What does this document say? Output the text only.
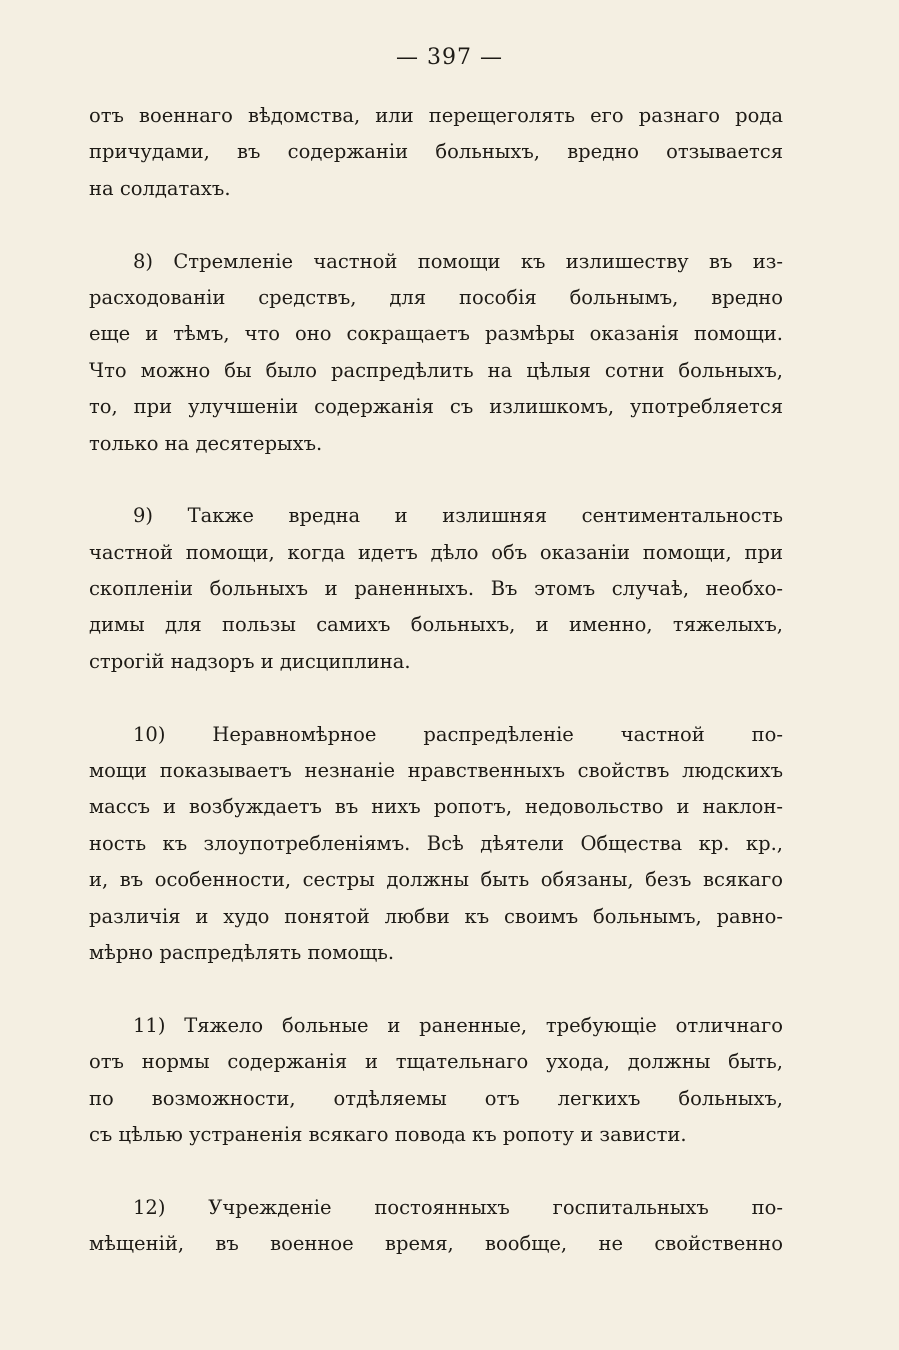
— 397 —
отъ военнаго вѣдомства, или перещеголять его разнаго рода
причудами, въ содержаніи больныхъ, вредно отзывается
на солдатахъ.
8) Стремленіе частной помощи къ излишеству въ из-
расходованіи средствъ, для пособія больнымъ, вредно
еще и тѣмъ, что оно сокращаетъ размѣры оказанія помощи.
Что можно бы было распредѣлить на цѣлыя сотни больныхъ,
то, при улучшеніи содержанія съ излишкомъ, употребляется
только на десятерыхъ.
9) Также вредна и излишняя сентиментальность
частной помощи, когда идетъ дѣло объ оказаніи помощи, при
скопленіи больныхъ и раненныхъ. Въ этомъ случаѣ, необхо-
димы для пользы самихъ больныхъ, и именно, тяжелыхъ,
строгій надзоръ и дисциплина.
10) Неравномѣрное распредѣленіе частной по-
мощи показываетъ незнаніе нравственныхъ свойствъ людскихъ
массъ и возбуждаетъ въ нихъ ропотъ, недовольство и наклон-
ность къ злоупотребленіямъ. Всѣ дѣятели Общества кр. кр.,
и, въ особенности, сестры должны быть обязаны, безъ всякаго
различія и худо понятой любви къ своимъ больнымъ, равно-
мѣрно распредѣлять помощь.
11) Тяжело больные и раненные, требующіе отличнаго
отъ нормы содержанія и тщательнаго ухода, должны быть,
по возможности, отдѣляемы отъ легкихъ больныхъ,
съ цѣлью устраненія всякаго повода къ ропоту и зависти.
12) Учрежденіе постоянныхъ госпитальныхъ по-
мѣщеній, въ военное время, вообще, не свойственно
